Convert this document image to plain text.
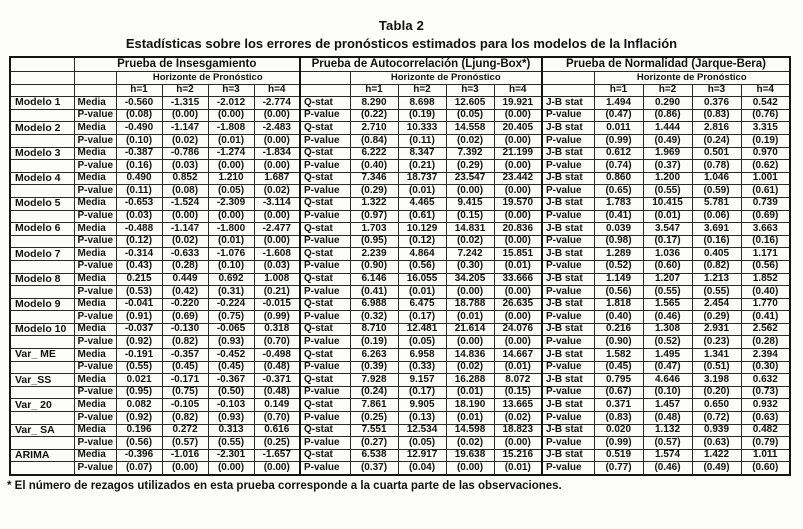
Tabla 2
Estadísticas sobre los errores de pronósticos estimados para los modelos de la Inflación
	Prueba de Insesgamiento					Prueba de Autocorrelación (Ljung-Box*)					Prueba de Normalidad (Jarque-Bera)				
		Horizonte de Pronóstico					Horizonte de Pronóstico					Horizonte de Pronóstico			
		h=1	h=2	h=3	h=4		h=1	h=2	h=3	h=4		h=1	h=2	h=3	h=4
Modelo 1	Media	-0.560	-1.315	-2.012	-2.774	Q-stat	8.290	8.698	12.605	19.921	J-B stat	1.494	0.290	0.376	0.542
	P-value	(0.08)	(0.00)	(0.00)	(0.00)	P-value	(0.22)	(0.19)	(0.05)	(0.00)	P-value	(0.47)	(0.86)	(0.83)	(0.76)
Modelo 2	Media	-0.490	-1.147	-1.808	-2.483	Q-stat	2.710	10.333	14.558	20.405	J-B stat	0.011	1.444	2.816	3.315
	P-value	(0.10)	(0.02)	(0.01)	(0.00)	P-value	(0.84)	(0.11)	(0.02)	(0.00)	P-value	(0.99)	(0.49)	(0.24)	(0.19)
Modelo 3	Media	-0.387	-0.786	-1.274	-1.834	Q-stat	6.222	8.347	7.392	21.199	J-B stat	0.612	1.969	0.501	0.970
	P-value	(0.16)	(0.03)	(0.00)	(0.00)	P-value	(0.40)	(0.21)	(0.29)	(0.00)	P-value	(0.74)	(0.37)	(0.78)	(0.62)
Modelo 4	Media	0.490	0.852	1.210	1.687	Q-stat	7.346	18.737	23.547	23.442	J-B stat	0.860	1.200	1.046	1.001
	P-value	(0.11)	(0.08)	(0.05)	(0.02)	P-value	(0.29)	(0.01)	(0.00)	(0.00)	P-value	(0.65)	(0.55)	(0.59)	(0.61)
Modelo 5	Media	-0.653	-1.524	-2.309	-3.114	Q-stat	1.322	4.465	9.415	19.570	J-B stat	1.783	10.415	5.781	0.739
	P-value	(0.03)	(0.00)	(0.00)	(0.00)	P-value	(0.97)	(0.61)	(0.15)	(0.00)	P-value	(0.41)	(0.01)	(0.06)	(0.69)
Modelo 6	Media	-0.488	-1.147	-1.800	-2.477	Q-stat	1.703	10.129	14.831	20.836	J-B stat	0.039	3.547	3.691	3.663
	P-value	(0.12)	(0.02)	(0.01)	(0.00)	P-value	(0.95)	(0.12)	(0.02)	(0.00)	P-value	(0.98)	(0.17)	(0.16)	(0.16)
Modelo 7	Media	-0.314	-0.633	-1.076	-1.608	Q-stat	2.239	4.864	7.242	15.851	J-B stat	1.289	1.036	0.405	1.171
	P-value	(0.43)	(0.28)	(0.10)	(0.03)	P-value	(0.90)	(0.56)	(0.30)	(0.01)	P-value	(0.52)	(0.60)	(0.82)	(0.56)
Modelo 8	Media	0.215	0.449	0.692	1.008	Q-stat	6.146	16.055	34.205	33.666	J-B stat	1.149	1.207	1.213	1.852
	P-value	(0.53)	(0.42)	(0.31)	(0.21)	P-value	(0.41)	(0.01)	(0.00)	(0.00)	P-value	(0.56)	(0.55)	(0.55)	(0.40)
Modelo 9	Media	-0.041	-0.220	-0.224	-0.015	Q-stat	6.988	6.475	18.788	26.635	J-B stat	1.818	1.565	2.454	1.770
	P-value	(0.91)	(0.69)	(0.75)	(0.99)	P-value	(0.32)	(0.17)	(0.01)	(0.00)	P-value	(0.40)	(0.46)	(0.29)	(0.41)
Modelo 10	Media	-0.037	-0.130	-0.065	0.318	Q-stat	8.710	12.481	21.614	24.076	J-B stat	0.216	1.308	2.931	2.562
	P-value	(0.92)	(0.82)	(0.93)	(0.70)	P-value	(0.19)	(0.05)	(0.00)	(0.00)	P-value	(0.90)	(0.52)	(0.23)	(0.28)
Var_ ME	Media	-0.191	-0.357	-0.452	-0.498	Q-stat	6.263	6.958	14.836	14.667	J-B stat	1.582	1.495	1.341	2.394
	P-value	(0.55)	(0.45)	(0.45)	(0.48)	P-value	(0.39)	(0.33)	(0.02)	(0.01)	P-value	(0.45)	(0.47)	(0.51)	(0.30)
Var_SS	Media	0.021	-0.171	-0.367	-0.371	Q-stat	7.928	9.157	16.288	8.072	J-B stat	0.795	4.646	3.198	0.632
	P-value	(0.95)	(0.75)	(0.50)	(0.48)	P-value	(0.24)	(0.17)	(0.01)	(0.15)	P-value	(0.67)	(0.10)	(0.20)	(0.73)
Var_ 20	Media	0.082	-0.105	-0.103	0.149	Q-stat	7.861	9.905	18.190	13.665	J-B stat	0.371	1.457	0.650	0.932
	P-value	(0.92)	(0.82)	(0.93)	(0.70)	P-value	(0.25)	(0.13)	(0.01)	(0.02)	P-value	(0.83)	(0.48)	(0.72)	(0.63)
Var_ SA	Media	0.196	0.272	0.313	0.616	Q-stat	7.551	12.534	14.598	18.823	J-B stat	0.020	1.132	0.939	0.482
	P-value	(0.56)	(0.57)	(0.55)	(0.25)	P-value	(0.27)	(0.05)	(0.02)	(0.00)	P-value	(0.99)	(0.57)	(0.63)	(0.79)
ARIMA	Media	-0.396	-1.016	-2.301	-1.657	Q-stat	6.538	12.917	19.638	15.216	J-B stat	0.519	1.574	1.422	1.011
	P-value	(0.07)	(0.00)	(0.00)	(0.00)	P-value	(0.37)	(0.04)	(0.00)	(0.01)	P-value	(0.77)	(0.46)	(0.49)	(0.60)
* El número de rezagos utilizados en esta prueba corresponde a la cuarta parte de las observaciones.
